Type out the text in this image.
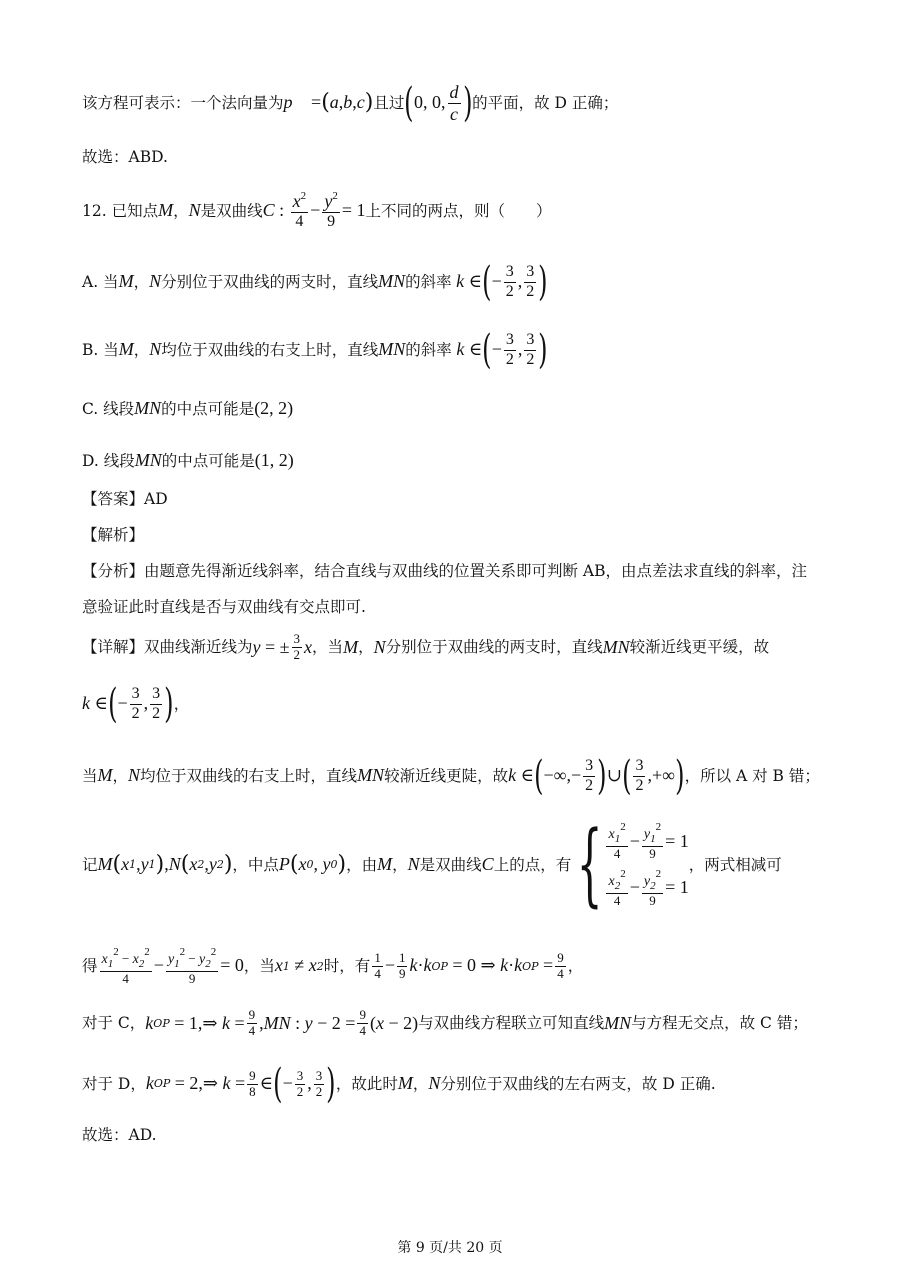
该方程可表示：一个法向量为 p⃗ = ( a , b , c ) 且过 ( 0, 0, $\frac{d}{c}$ ) 的平面，故 D 正确；
故选：ABD.
12. 已知点 M ， N 是双曲线 C : $\frac{x^2}{4} - \frac{y^2}{9} = 1$ 上不同的两点，则（　　）
A. 当 M ， N 分别位于双曲线的两支时，直线 MN 的斜率 k ∈ ( − $\frac{3}{2}$ , $\frac{3}{2}$ )
B. 当 M ， N 均位于双曲线的右支上时，直线 MN 的斜率 k ∈ ( − $\frac{3}{2}$ , $\frac{3}{2}$ )
C. 线段 MN 的中点可能是 (2, 2)
D. 线段 MN 的中点可能是 (1, 2)
【答案】AD
【解析】
【分析】由题意先得渐近线斜率，结合直线与双曲线的位置关系即可判断 AB，由点差法求直线的斜率，注
意验证此时直线是否与双曲线有交点即可.
【详解】双曲线渐近线为 y = ± $\frac{3}{2}$ x ，当 M ， N 分别位于双曲线的两支时，直线 MN 较渐近线更平缓，故
k ∈ ( − $\frac{3}{2}$ , $\frac{3}{2}$ ) ，
当 M ， N 均位于双曲线的右支上时，直线 MN 较渐近线更陡，故 k ∈ ( −∞,− $\frac{3}{2}$ ) ∪ ( $\frac{3}{2}$ ,+∞ ) ，所以 A 对 B 错；
记 M ( x 1 , y 1 ) , N ( x 2 , y 2 ) ，中点 P ( x 0 , y 0 ) ，由 M ， N 是双曲线 C 上的点，有 { $\frac{x_1^2}{4} - \frac{y_1^2}{9} = 1$
$\frac{x_2^2}{4} - \frac{y_2^2}{9} = 1$
，两式相减可
得 $\frac{x_1^2 - x_2^2}{4} - \frac{y_1^2 - y_2^2}{9} = 0$ ，当 x 1 ≠ x 2 时，有 $\frac{1}{4} - \frac{1}{9}$ k · k OP = 0 ⇒ k · k OP = $\frac{9}{4}$ ，
对于 C， k OP = 1,⇒ $k = \frac{9}{4}$ , MN : $y - 2 = \frac{9}{4}$ ( x − 2) 与双曲线方程联立可知直线 MN 与方程无交点，故 C 错；
对于 D， k OP = 2,⇒ $k = \frac{9}{8}$ ∈ ( − $\frac{3}{2}$ , $\frac{3}{2}$ ) ，故此时 M ， N 分别位于双曲线的左右两支，故 D 正确.
故选：AD.
第 9 页/共 20 页
